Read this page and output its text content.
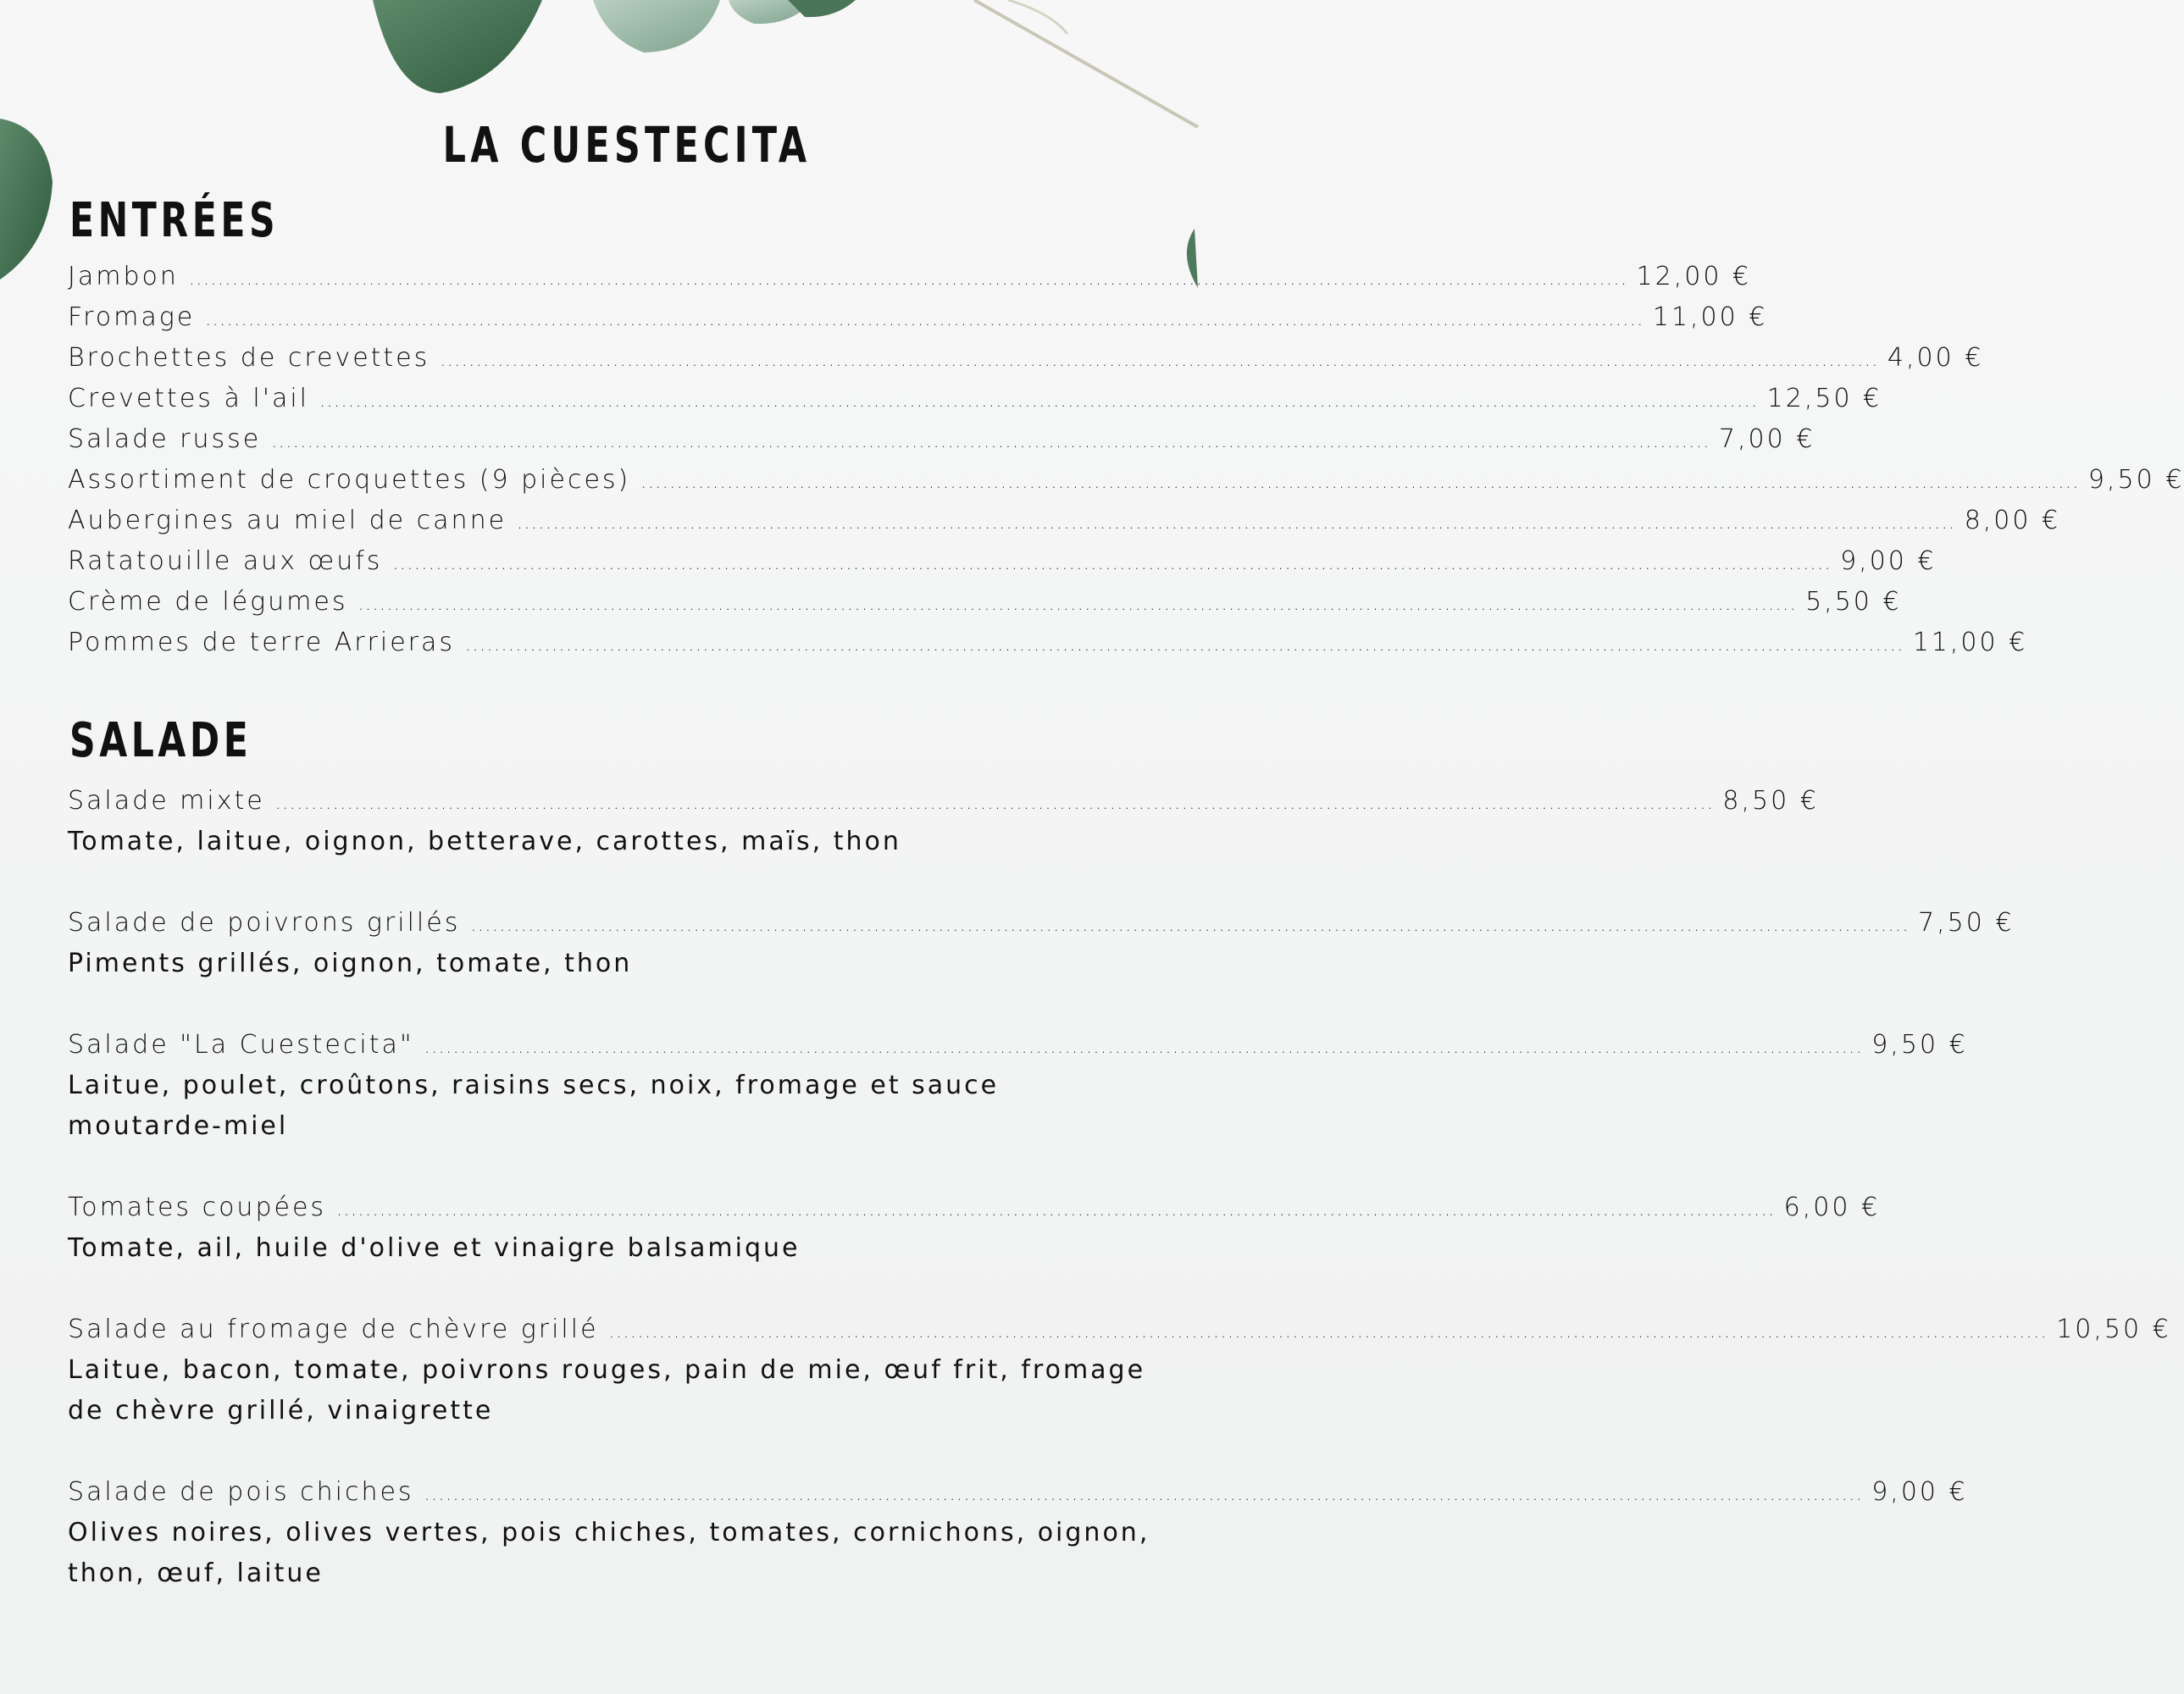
LA CUESTECITA
ENTRÉES
Jambon ........................................................................................................................................................................................................ 12,00 €
Fromage ........................................................................................................................................................................................................ 11,00 €
Brochettes de crevettes ........................................................................................................................................................................................................ 4,00 €
Crevettes à l'ail ........................................................................................................................................................................................................ 12,50 €
Salade russe ........................................................................................................................................................................................................ 7,00 €
Assortiment de croquettes (9 pièces) ........................................................................................................................................................................................................ 9,50 €
Aubergines au miel de canne ........................................................................................................................................................................................................ 8,00 €
Ratatouille aux œufs ........................................................................................................................................................................................................ 9,00 €
Crème de légumes ........................................................................................................................................................................................................ 5,50 €
Pommes de terre Arrieras ........................................................................................................................................................................................................ 11,00 €
SALADE
Salade mixte ........................................................................................................................................................................................................ 8,50 €

Tomate, laitue, oignon, betterave, carottes, maïs, thon

Salade de poivrons grillés ........................................................................................................................................................................................................ 7,50 €

Piments grillés, oignon, tomate, thon

Salade "La Cuestecita" ........................................................................................................................................................................................................ 9,50 €

Laitue, poulet, croûtons, raisins secs, noix, fromage et sauce

moutarde-miel

Tomates coupées ........................................................................................................................................................................................................ 6,00 €

Tomate, ail, huile d'olive et vinaigre balsamique

Salade au fromage de chèvre grillé ........................................................................................................................................................................................................ 10,50 €

Laitue, bacon, tomate, poivrons rouges, pain de mie, œuf frit, fromage

de chèvre grillé, vinaigrette

Salade de pois chiches ........................................................................................................................................................................................................ 9,00 €

Olives noires, olives vertes, pois chiches, tomates, cornichons, oignon,

thon, œuf, laitue
